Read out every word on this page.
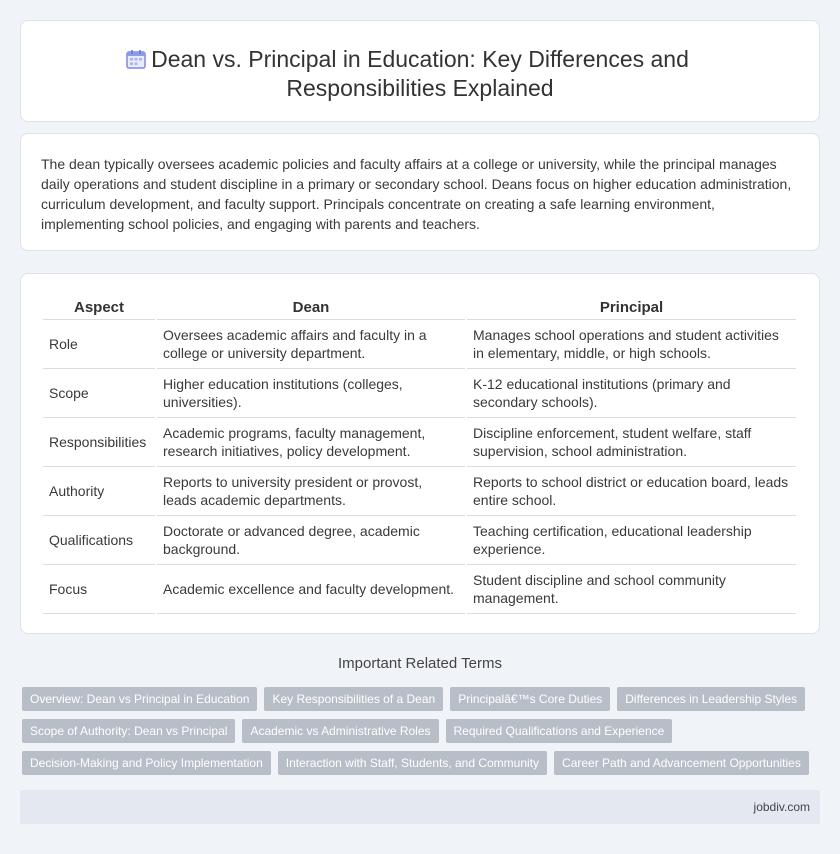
Dean vs. Principal in Education: Key Differences and Responsibilities Explained

The dean typically oversees academic policies and faculty affairs at a college or university, while the principal manages daily operations and student discipline in a primary or secondary school. Deans focus on higher education administration, curriculum development, and faculty support. Principals concentrate on creating a safe learning environment, implementing school policies, and engaging with parents and teachers.

Aspect	Dean	Principal
Role	Oversees academic affairs and faculty in a college or university department.	Manages school operations and student activities in elementary, middle, or high schools.
Scope	Higher education institutions (colleges, universities).	K-12 educational institutions (primary and secondary schools).
Responsibilities	Academic programs, faculty management, research initiatives, policy development.	Discipline enforcement, student welfare, staff supervision, school administration.
Authority	Reports to university president or provost, leads academic departments.	Reports to school district or education board, leads entire school.
Qualifications	Doctorate or advanced degree, academic background.	Teaching certification, educational leadership experience.
Focus	Academic excellence and faculty development.	Student discipline and school community management.
Important Related Terms
Overview: Dean vs Principal in Education	Key Responsibilities of a Dean	Principalâ€™s Core Duties	Differences in Leadership Styles
Scope of Authority: Dean vs Principal	Academic vs Administrative Roles	Required Qualifications and Experience
Decision-Making and Policy Implementation	Interaction with Staff, Students, and Community	Career Path and Advancement Opportunities
jobdiv.com
